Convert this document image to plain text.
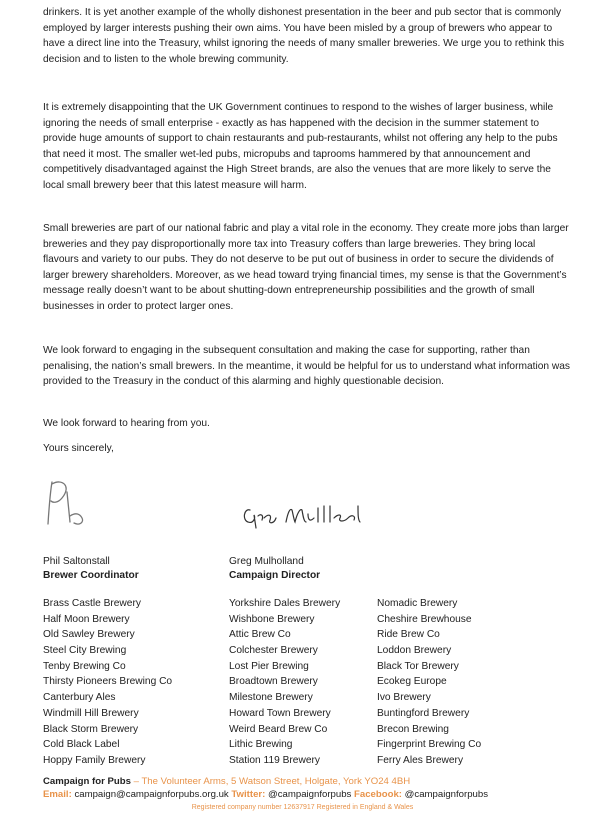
drinkers. It is yet another example of the wholly dishonest presentation in the beer and pub sector that is commonly employed by larger interests pushing their own aims. You have been misled by a group of brewers who appear to have a direct line into the Treasury, whilst ignoring the needs of many smaller breweries. We urge you to rethink this decision and to listen to the whole brewing community.

It is extremely disappointing that the UK Government continues to respond to the wishes of larger business, while ignoring the needs of small enterprise - exactly as has happened with the decision in the summer statement to provide huge amounts of support to chain restaurants and pub-restaurants, whilst not offering any help to the pubs that need it most. The smaller wet-led pubs, micropubs and taprooms hammered by that announcement and competitively disadvantaged against the High Street brands, are also the venues that are more likely to serve the local small brewery beer that this latest measure will harm.

Small breweries are part of our national fabric and play a vital role in the economy. They create more jobs than larger breweries and they pay disproportionally more tax into Treasury coffers than large breweries. They bring local flavours and variety to our pubs. They do not deserve to be put out of business in order to secure the dividends of larger brewery shareholders. Moreover, as we head toward trying financial times, my sense is that the Government’s message really doesn’t want to be about shutting-down entrepreneurship possibilities and the growth of small businesses in order to protect larger ones.

We look forward to engaging in the subsequent consultation and making the case for supporting, rather than penalising, the nation’s small brewers. In the meantime, it would be helpful for us to understand what information was provided to the Treasury in the conduct of this alarming and highly questionable decision.

We look forward to hearing from you.

Yours sincerely,

Phil Saltonstall
Brewer Coordinator
Greg Mulholland
Campaign Director
Brass Castle Brewery
Half Moon Brewery
Old Sawley Brewery
Steel City Brewing
Tenby Brewing Co
Thirsty Pioneers Brewing Co
Canterbury Ales
Windmill Hill Brewery
Black Storm Brewery
Cold Black Label
Hoppy Family Brewery
Yorkshire Dales Brewery
Wishbone Brewery
Attic Brew Co
Colchester Brewery
Lost Pier Brewing
Broadtown Brewery
Milestone Brewery
Howard Town Brewery
Weird Beard Brew Co
Lithic Brewing
Station 119 Brewery
Nomadic Brewery
Cheshire Brewhouse
Ride Brew Co
Loddon Brewery
Black Tor Brewery
Ecokeg Europe
Ivo Brewery
Buntingford Brewery
Brecon Brewing
Fingerprint Brewing Co
Ferry Ales Brewery
Campaign for Pubs – The Volunteer Arms, 5 Watson Street, Holgate, York YO24 4BH
Email: campaign@campaignforpubs.org.uk Twitter: @campaignforpubs Facebook: @campaignforpubs
Registered company number 12637917 Registered in England & Wales
